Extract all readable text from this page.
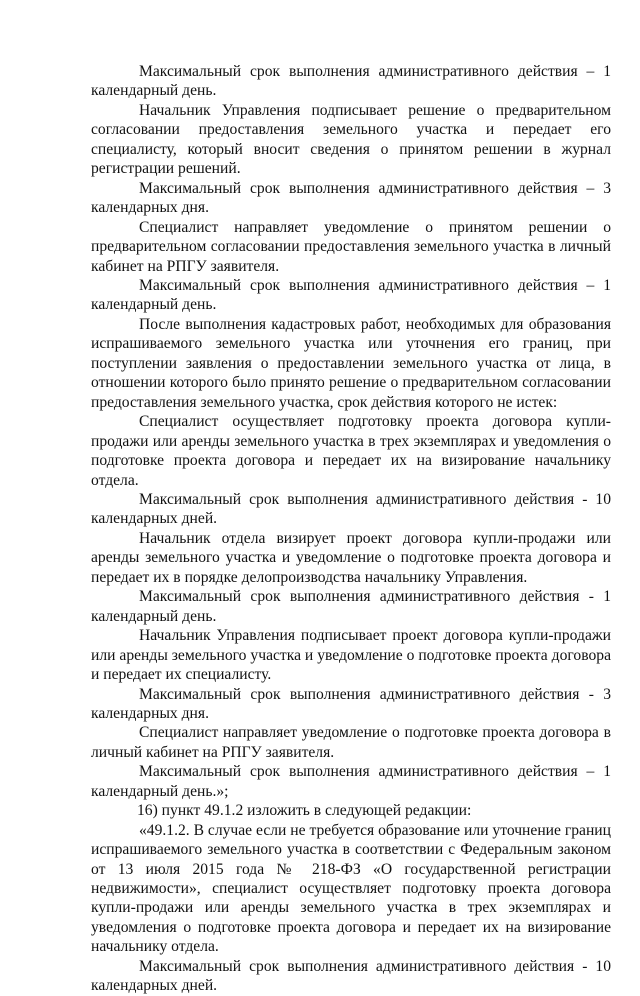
Максимальный срок выполнения административного действия – 1 календарный день.

Начальник Управления подписывает решение о предварительном согласовании предоставления земельного участка и передает его специалисту, который вносит сведения о принятом решении в журнал регистрации решений.

Максимальный срок выполнения административного действия – 3 календарных дня.

Специалист направляет уведомление о принятом решении о предварительном согласовании предоставления земельного участка в личный кабинет на РПГУ заявителя.

Максимальный срок выполнения административного действия – 1 календарный день.

После выполнения кадастровых работ, необходимых для образования испрашиваемого земельного участка или уточнения его границ, при поступлении заявления о предоставлении земельного участка от лица, в отношении которого было принято решение о предварительном согласовании предоставления земельного участка, срок действия которого не истек:

Специалист осуществляет подготовку проекта договора купли-продажи или аренды земельного участка в трех экземплярах и уведомления о подготовке проекта договора и передает их на визирование начальнику отдела.

Максимальный срок выполнения административного действия - 10 календарных дней.

Начальник отдела визирует проект договора купли-продажи или аренды земельного участка и уведомление о подготовке проекта договора и передает их в порядке делопроизводства начальнику Управления.

Максимальный срок выполнения административного действия - 1 календарный день.

Начальник Управления подписывает проект договора купли-продажи или аренды земельного участка и уведомление о подготовке проекта договора и передает их специалисту.

Максимальный срок выполнения административного действия - 3 календарных дня.

Специалист направляет уведомление о подготовке проекта договора в личный кабинет на РПГУ заявителя.

Максимальный срок выполнения административного действия – 1 календарный день.»;

16) пункт 49.1.2 изложить в следующей редакции:

«49.1.2. В случае если не требуется образование или уточнение границ испрашиваемого земельного участка в соответствии с Федеральным законом от 13 июля 2015 года № 218-ФЗ «О государственной регистрации недвижимости», специалист осуществляет подготовку проекта договора купли-продажи или аренды земельного участка в трех экземплярах и уведомления о подготовке проекта договора и передает их на визирование начальнику отдела.

Максимальный срок выполнения административного действия - 10 календарных дней.
